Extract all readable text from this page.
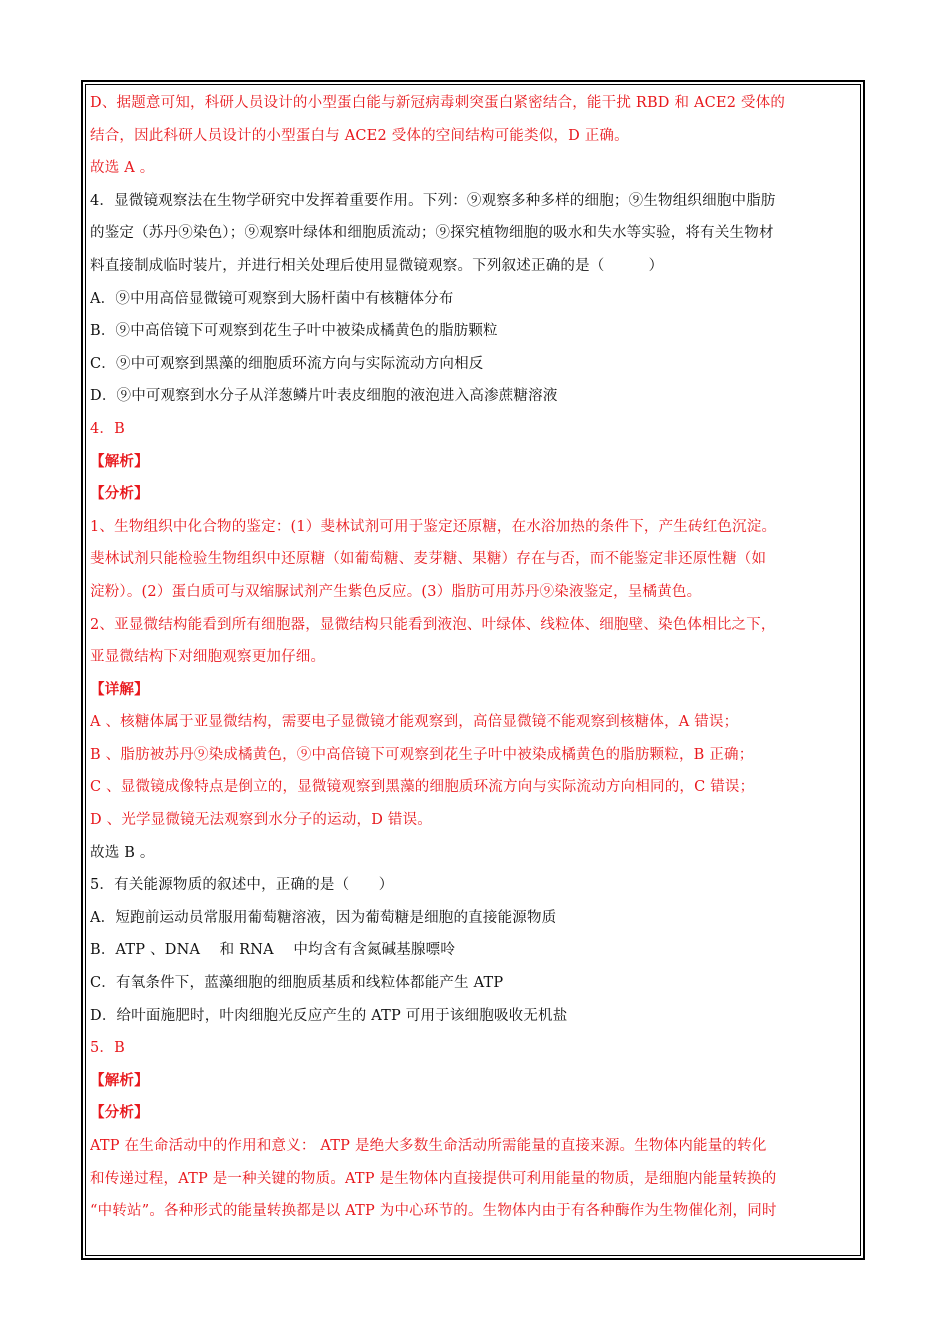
D、据题意可知，科研人员设计的小型蛋白能与新冠病毒刺突蛋白紧密结合，能干扰 RBD 和 ACE2 受体的
结合，因此科研人员设计的小型蛋白与 ACE2 受体的空间结构可能类似，D 正确。
故选 A 。
4．显微镜观察法在生物学研究中发挥着重要作用。下列：⑨观察多种多样的细胞；⑨生物组织细胞中脂肪
的鉴定（苏丹⑨染色）；⑨观察叶绿体和细胞质流动；⑨探究植物细胞的吸水和失水等实验，将有关生物材
料直接制成临时装片，并进行相关处理后使用显微镜观察。下列叙述正确的是（　　　）
A．⑨中用高倍显微镜可观察到大肠杆菌中有核糖体分布
B．⑨中高倍镜下可观察到花生子叶中被染成橘黄色的脂肪颗粒
C．⑨中可观察到黑藻的细胞质环流方向与实际流动方向相反
D．⑨中可观察到水分子从洋葱鳞片叶表皮细胞的液泡进入高渗蔗糖溶液
4．B
【解析】
【分析】
1、生物组织中化合物的鉴定：(1）斐林试剂可用于鉴定还原糖，在水浴加热的条件下，产生砖红色沉淀。
斐林试剂只能检验生物组织中还原糖（如葡萄糖、麦芽糖、果糖）存在与否，而不能鉴定非还原性糖（如
淀粉）。(2）蛋白质可与双缩脲试剂产生紫色反应。(3）脂肪可用苏丹⑨染液鉴定，呈橘黄色。
2、亚显微结构能看到所有细胞器，显微结构只能看到液泡、叶绿体、线粒体、细胞壁、染色体相比之下，
亚显微结构下对细胞观察更加仔细。
【详解】
A 、核糖体属于亚显微结构，需要电子显微镜才能观察到，高倍显微镜不能观察到核糖体，A 错误；
B 、脂肪被苏丹⑨染成橘黄色，⑨中高倍镜下可观察到花生子叶中被染成橘黄色的脂肪颗粒，B 正确；
C 、显微镜成像特点是倒立的，显微镜观察到黑藻的细胞质环流方向与实际流动方向相同的，C 错误；
D 、光学显微镜无法观察到水分子的运动，D 错误。
故选 B 。
5．有关能源物质的叙述中，正确的是（　　）
A．短跑前运动员常服用葡萄糖溶液，因为葡萄糖是细胞的直接能源物质
B．ATP 、DNA　 和 RNA　 中均含有含氮碱基腺嘌呤
C．有氧条件下，蓝藻细胞的细胞质基质和线粒体都能产生 ATP
D．给叶面施肥时，叶肉细胞光反应产生的 ATP 可用于该细胞吸收无机盐
5．B
【解析】
【分析】
ATP 在生命活动中的作用和意义： ATP 是绝大多数生命活动所需能量的直接来源。生物体内能量的转化
和传递过程，ATP 是一种关键的物质。ATP 是生物体内直接提供可利用能量的物质，是细胞内能量转换的
“中转站”。各种形式的能量转换都是以 ATP 为中心环节的。生物体内由于有各种酶作为生物催化剂，同时
